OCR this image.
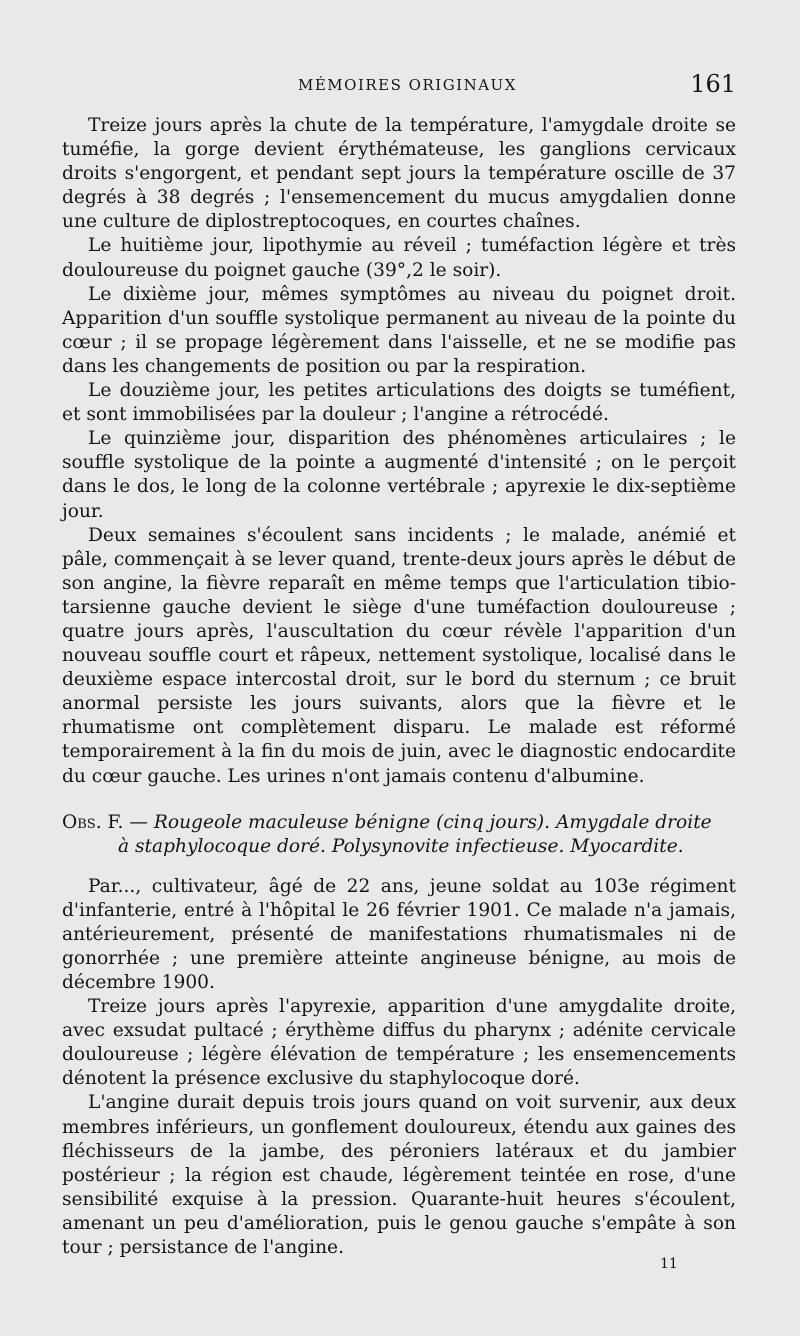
MÉMOIRES ORIGINAUX	161

Treize jours après la chute de la température, l'amygdale droite se tuméfie, la gorge devient érythémateuse, les ganglions cervicaux droits s'engorgent, et pendant sept jours la température oscille de 37 degrés à 38 degrés ; l'ensemencement du mucus amygdalien donne une culture de diplostreptocoques, en courtes chaînes.

Le huitième jour, lipothymie au réveil ; tuméfaction légère et très douloureuse du poignet gauche (39°,2 le soir).

Le dixième jour, mêmes symptômes au niveau du poignet droit. Apparition d'un souffle systolique permanent au niveau de la pointe du cœur ; il se propage légèrement dans l'aisselle, et ne se modifie pas dans les changements de position ou par la respiration.

Le douzième jour, les petites articulations des doigts se tuméfient, et sont immobilisées par la douleur ; l'angine a rétrocédé.

Le quinzième jour, disparition des phénomènes articulaires ; le souffle systolique de la pointe a augmenté d'intensité ; on le perçoit dans le dos, le long de la colonne vertébrale ; apyrexie le dix-septième jour.

Deux semaines s'écoulent sans incidents ; le malade, anémié et pâle, commençait à se lever quand, trente-deux jours après le début de son angine, la fièvre reparaît en même temps que l'articulation tibio-tarsienne gauche devient le siège d'une tuméfaction douloureuse ; quatre jours après, l'auscultation du cœur révèle l'apparition d'un nouveau souffle court et râpeux, nettement systolique, localisé dans le deuxième espace intercostal droit, sur le bord du sternum ; ce bruit anormal persiste les jours suivants, alors que la fièvre et le rhumatisme ont complètement disparu. Le malade est réformé temporairement à la fin du mois de juin, avec le diagnostic endocardite du cœur gauche. Les urines n'ont jamais contenu d'albumine.

Obs. F. — Rougeole maculeuse bénigne (cinq jours). Amygdale droite
à staphylocoque doré. Polysynovite infectieuse. Myocardite.

Par..., cultivateur, âgé de 22 ans, jeune soldat au 103e régiment d'infanterie, entré à l'hôpital le 26 février 1901. Ce malade n'a jamais, antérieurement, présenté de manifestations rhumatismales ni de gonorrhée ; une première atteinte angineuse bénigne, au mois de décembre 1900.

Treize jours après l'apyrexie, apparition d'une amygdalite droite, avec exsudat pultacé ; érythème diffus du pharynx ; adénite cervicale douloureuse ; légère élévation de température ; les ensemencements dénotent la présence exclusive du staphylocoque doré.

L'angine durait depuis trois jours quand on voit survenir, aux deux membres inférieurs, un gonflement douloureux, étendu aux gaines des fléchisseurs de la jambe, des péroniers latéraux et du jambier postérieur ; la région est chaude, légèrement teintée en rose, d'une sensibilité exquise à la pression. Quarante-huit heures s'écoulent, amenant un peu d'amélioration, puis le genou gauche s'empâte à son tour ; persistance de l'angine.

11
